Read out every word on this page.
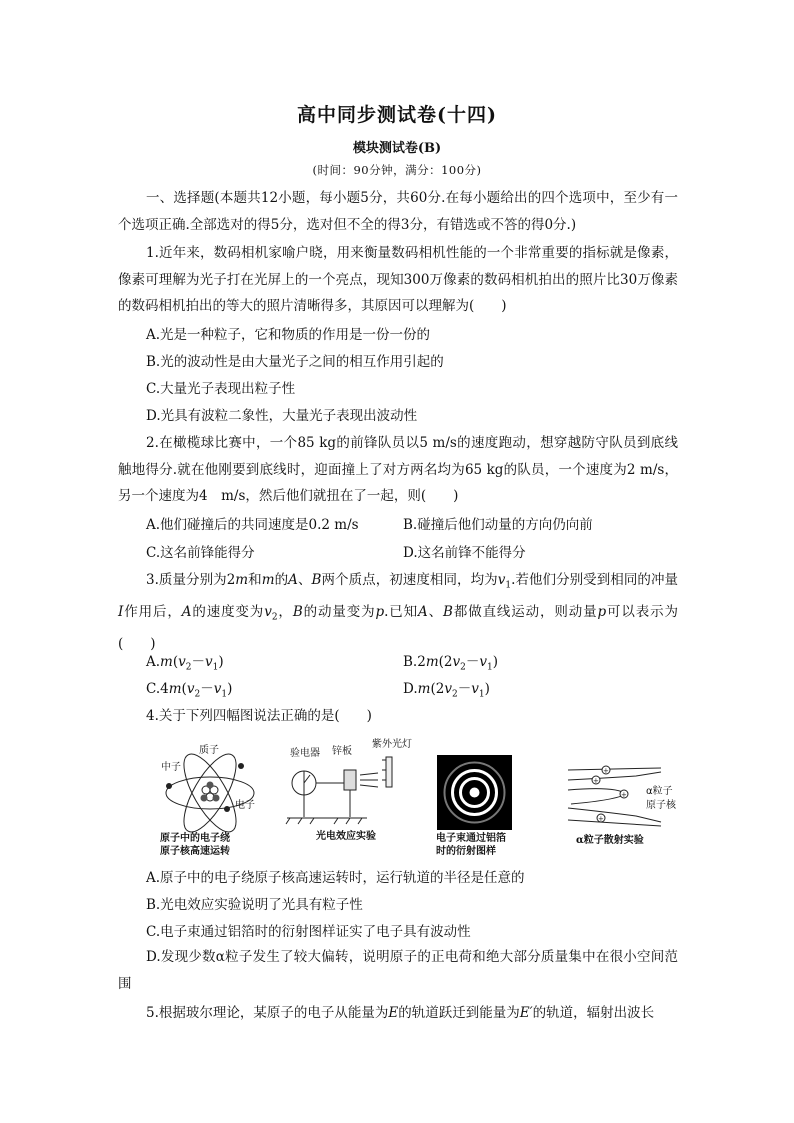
高中同步测试卷(十四)
模块测试卷(B)
(时间：90分钟，满分：100分)

一、选择题(本题共12小题，每小题5分，共60分.在每小题给出的四个选项中，至少有一个选项正确.全部选对的得5分，选对但不全的得3分，有错选或不答的得0分.)

1.近年来，数码相机家喻户晓，用来衡量数码相机性能的一个非常重要的指标就是像素，像素可理解为光子打在光屏上的一个亮点，现知300万像素的数码相机拍出的照片比30万像素的数码相机拍出的等大的照片清晰得多，其原因可以理解为(　　)

A.光是一种粒子，它和物质的作用是一份一份的
B.光的波动性是由大量光子之间的相互作用引起的
C.大量光子表现出粒子性
D.光具有波粒二象性，大量光子表现出波动性

2.在橄榄球比赛中，一个85 kg的前锋队员以5 m/s的速度跑动，想穿越防守队员到底线触地得分.就在他刚要到底线时，迎面撞上了对方两名均为65 kg的队员，一个速度为2 m/s，另一个速度为4　m/s，然后他们就扭在了一起，则(　　)

A.他们碰撞后的共同速度是0.2 m/s	B.碰撞后他们动量的方向仍向前
C.这名前锋能得分	D.这名前锋不能得分

3.质量分别为2m和m的A、B两个质点，初速度相同，均为$v_1$.若他们分别受到相同的冲量I作用后，A的速度变为$v_2$，B的动量变为p.已知A、B都做直线运动，则动量p可以表示为(　　)

$A.m(v_2-v_1)$	$B.2m(2v_2-v_1)$
$C.4m(v_2-v_1)$	$D.m(2v_2-v_1)$
4.关于下列四幅图说法正确的是(　　)
质子
中子
电子
原子中的电子绕
原子核高速运转
验电器 锌板
紫外光灯
光电效应实验	电子束通过铝箔
时的衍射图样
+
+
+
+
α粒子
原子核
α粒子散射实验
A.原子中的电子绕原子核高速运转时，运行轨道的半径是任意的
B.光电效应实验说明了光具有粒子性
C.电子束通过铝箔时的衍射图样证实了电子具有波动性

D.发现少数α粒子发生了较大偏转，说明原子的正电荷和绝大部分质量集中在很小空间范围

5.根据玻尔理论，某原子的电子从能量为E的轨道跃迁到能量为E′的轨道，辐射出波长
